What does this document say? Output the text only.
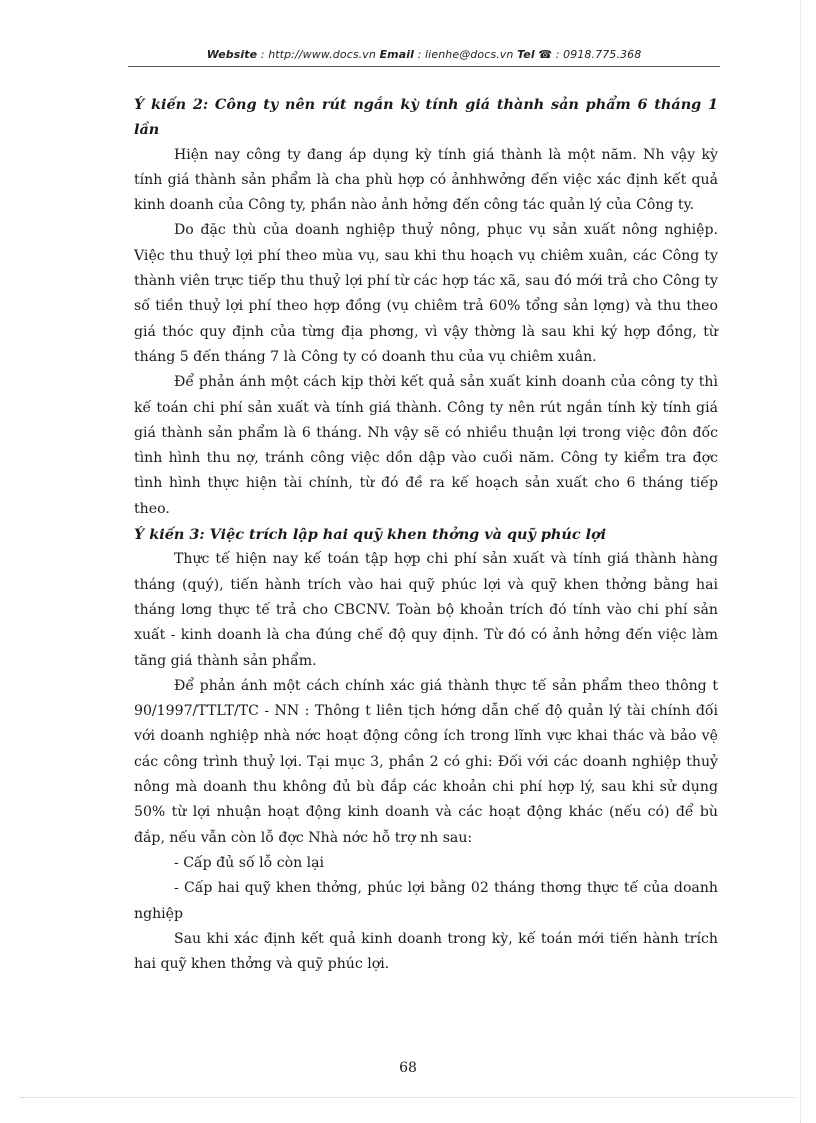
Website : http://www.docs.vn Email : lienhe@docs.vn Tel ☎ : 0918.775.368

Ý kiến 2: Công ty nên rút ngắn kỳ tính giá thành sản phẩm 6 tháng 1 lần

Hiện nay công ty đang áp dụng kỳ tính giá thành là một năm. Nh vậy kỳ tính giá thành sản phẩm là cha phù hợp có ảnhhwởng đến việc xác định kết quả kinh doanh của Công ty, phần nào ảnh hởng đến công tác quản lý của Công ty.

Do đặc thù của doanh nghiệp thuỷ nông, phục vụ sản xuất nông nghiệp. Việc thu thuỷ lợi phí theo mùa vụ, sau khi thu hoạch vụ chiêm xuân, các Công ty thành viên trực tiếp thu thuỷ lợi phí từ các hợp tác xã, sau đó mới trả cho Công ty số tiền thuỷ lợi phí theo hợp đồng (vụ chiêm trả 60% tổng sản lợng) và thu theo giá thóc quy định của từng địa phơng, vì vậy thờng là sau khi ký hợp đồng, từ tháng 5 đến tháng 7 là Công ty có doanh thu của vụ chiêm xuân.

Để phản ánh một cách kịp thời kết quả sản xuất kinh doanh của công ty thì kế toán chi phí sản xuất và tính giá thành. Công ty nên rút ngắn tính kỳ tính giá giá thành sản phẩm là 6 tháng. Nh vậy sẽ có nhiều thuận lợi trong việc đôn đốc tình hình thu nợ, tránh công việc dồn dập vào cuối năm. Công ty kiểm tra đợc tình hình thực hiện tài chính, từ đó đề ra kế hoạch sản xuất cho 6 tháng tiếp theo.

Ý kiến 3: Việc trích lập hai quỹ khen thởng và quỹ phúc lợi

Thực tế hiện nay kế toán tập hợp chi phí sản xuất và tính giá thành hàng tháng (quý), tiến hành trích vào hai quỹ phúc lợi và quỹ khen thởng bằng hai tháng lơng thực tế trả cho CBCNV. Toàn bộ khoản trích đó tính vào chi phí sản xuất - kinh doanh là cha đúng chế độ quy định. Từ đó có ảnh hởng đến việc làm tăng giá thành sản phẩm.

Để phản ánh một cách chính xác giá thành thực tế sản phẩm theo thông t 90/1997/TTLT/TC - NN : Thông t liên tịch hớng dẫn chế độ quản lý tài chính đối với doanh nghiệp nhà nớc hoạt động công ích trong lĩnh vực khai thác và bảo vệ các công trình thuỷ lợi. Tại mục 3, phần 2 có ghi: Đối với các doanh nghiệp thuỷ nông mà doanh thu không đủ bù đắp các khoản chi phí hợp lý, sau khi sử dụng 50% từ lợi nhuận hoạt động kinh doanh và các hoạt động khác (nếu có) để bù đắp, nếu vẫn còn lỗ đợc Nhà nớc hỗ trợ nh sau:

- Cấp đủ số lỗ còn lại

- Cấp hai quỹ khen thởng, phúc lợi bằng 02 tháng thơng thực tế của doanh nghiệp

Sau khi xác định kết quả kinh doanh trong kỳ, kế toán mới tiến hành trích hai quỹ khen thởng và quỹ phúc lợi.

68
